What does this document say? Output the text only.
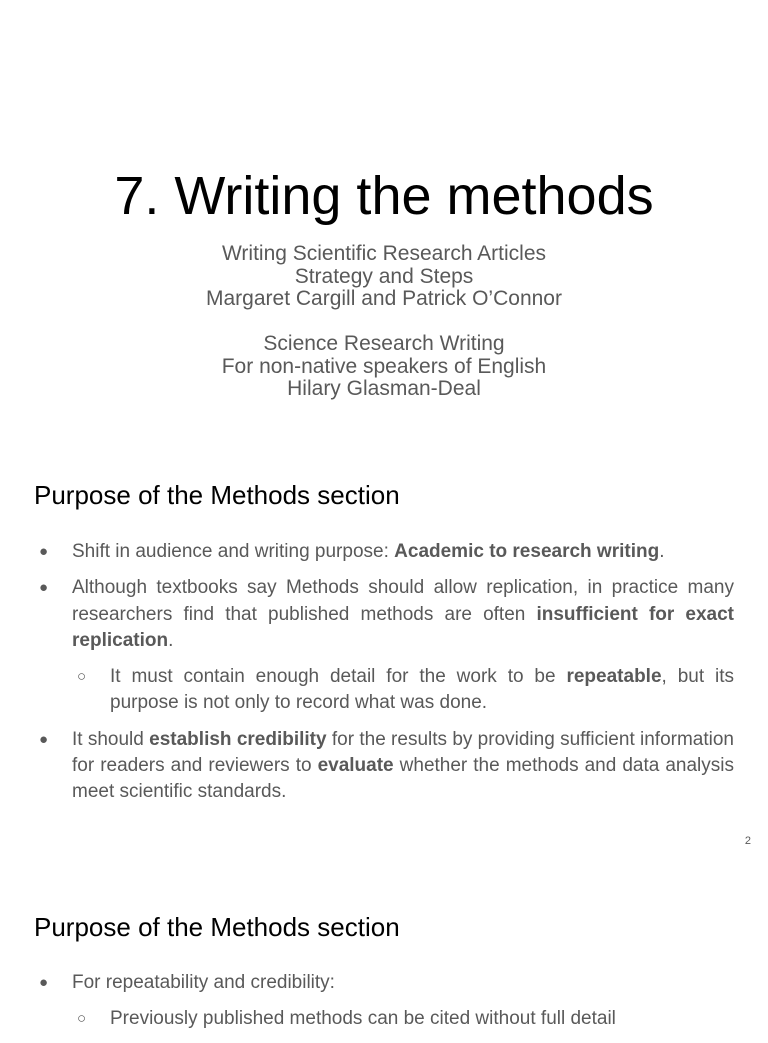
7. Writing the methods
Writing Scientific Research Articles
Strategy and Steps
Margaret Cargill and Patrick O’Connor
Science Research Writing
For non-native speakers of English
Hilary Glasman-Deal
Purpose of the Methods section
● Shift in audience and writing purpose: Academic to research writing.
● Although textbooks say Methods should allow replication, in practice many researchers find that published methods are often insufficient for exact replication.
○ It must contain enough detail for the work to be repeatable, but its purpose is not only to record what was done.
● It should establish credibility for the results by providing sufficient information for readers and reviewers to evaluate whether the methods and data analysis meet scientific standards.
2
Purpose of the Methods section
● For repeatability and credibility:
○ Previously published methods can be cited without full detail
